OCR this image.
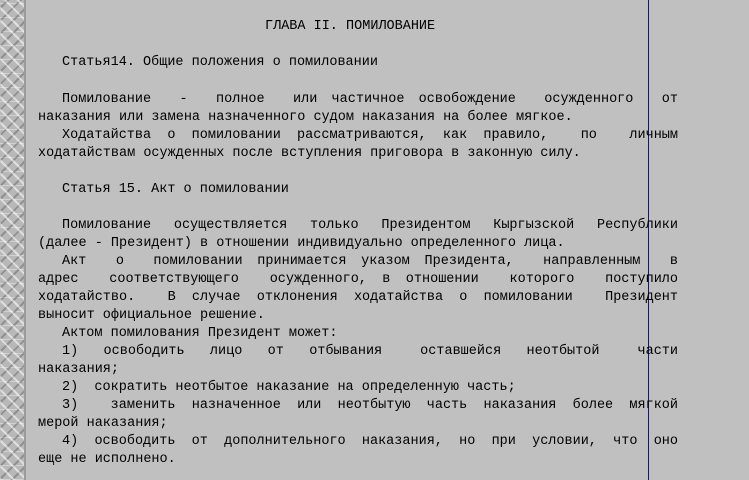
ГЛАВА II. ПОМИЛОВАНИЕ
Статья14. Общие положения о помиловании
Помилование  -  полное  или частичное освобождение  осужденного  от
наказания или замена назначенного судом наказания на более мягкое.
Ходатайства о помиловании рассматриваются, как правило,  по  личным
ходатайствам осужденных после вступления приговора в законную силу.
Статья 15. Акт о помиловании
Помилование осуществляется только Президентом Кыргызской Республики
(далее - Президент) в отношении индивидуально определенного лица.
Акт  о  помиловании принимается указом Президента,  направленным  в
адрес  соответствующего  осужденного, в отношении  которого  поступило
ходатайство.  В случае отклонения ходатайства о помиловании  Президент
выносит официальное решение.
Актом помилования Президент может:
1)  освободить  лицо  от  отбывания   оставшейся  неотбытой   части
наказания;
2)  сократить неотбытое наказание на определенную часть;
3)  заменить назначенное или неотбытую часть наказания более мягкой
мерой наказания;
4) освободить от дополнительного наказания, но при условии, что оно
еще не исполнено.
